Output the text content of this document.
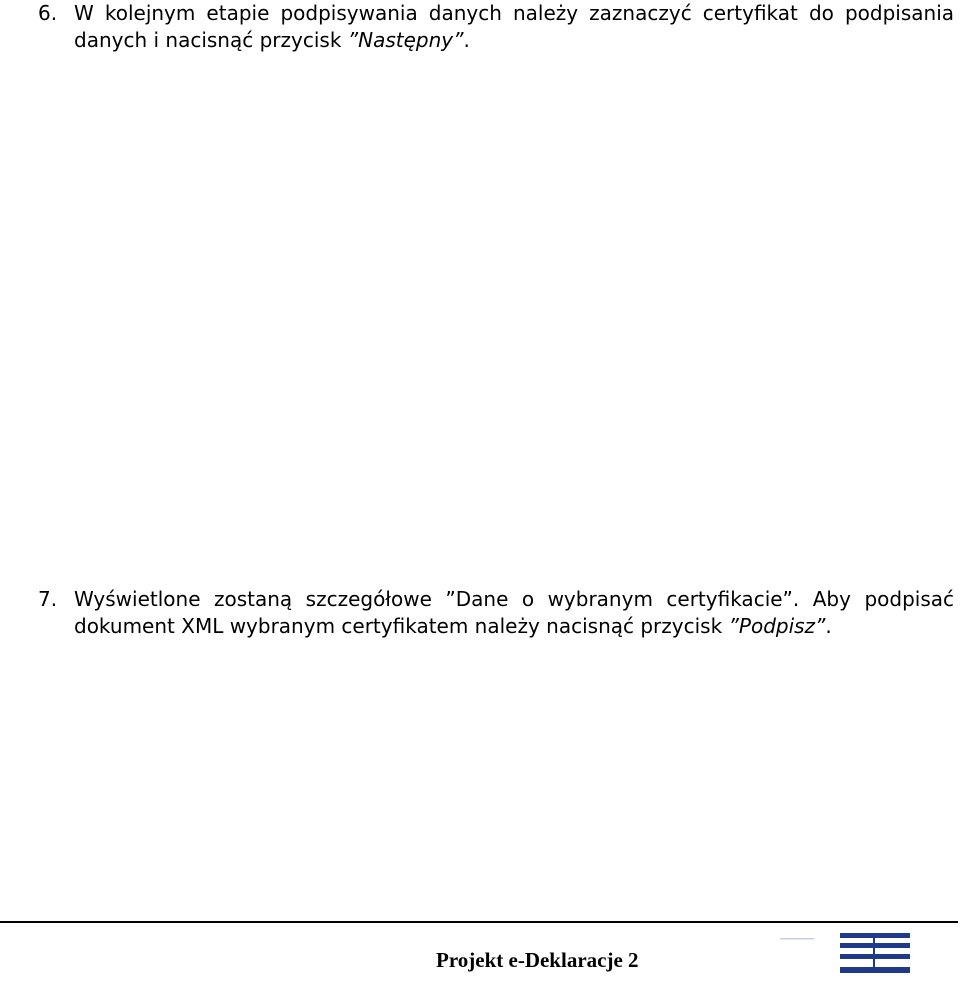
6. W kolejnym etapie podpisywania danych należy zaznaczyć certyfikat do podpisania danych i nacisnąć przycisk ”Następny”.
7. Wyświetlone zostaną szczegółowe ”Dane o wybranym certyfikacie”. Aby podpisać dokument XML wybranym certyfikatem należy nacisnąć przycisk ”Podpisz”.
Projekt e-Deklaracje 2
